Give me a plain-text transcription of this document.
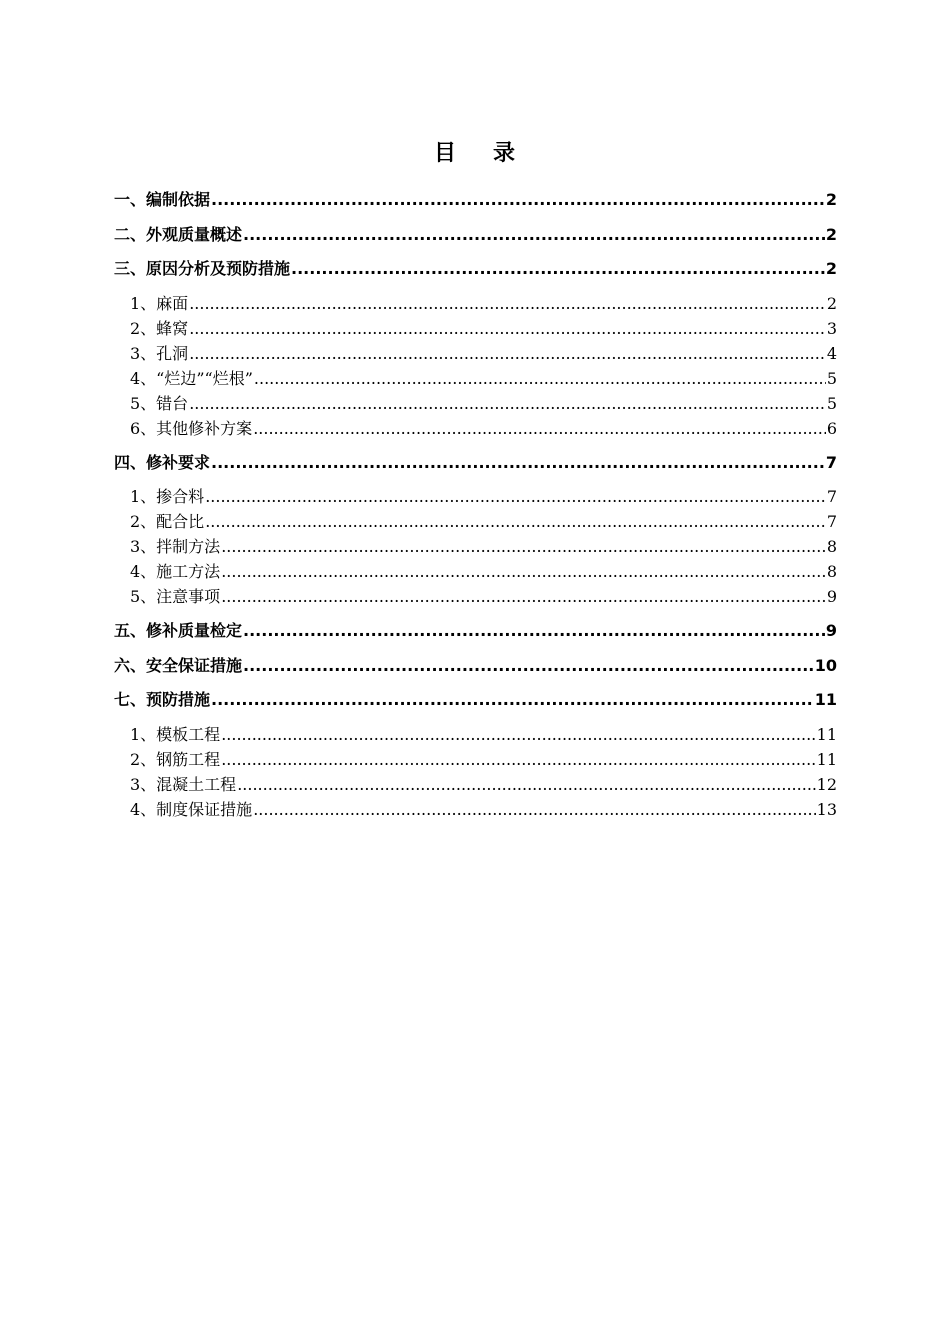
目 录
一、编制依据 .....	2
二、外观质量概述 .....	2
三、原因分析及预防措施 .....	2
1、麻面 .....	2
2、蜂窝 .....	3
3、孔洞 .....	4
4、“烂边”“烂根” .....	5
5、错台 .....	5
6、其他修补方案 .....	6
四、修补要求 .....	7
1、掺合料 .....	7
2、配合比 .....	7
3、拌制方法 .....	8
4、施工方法 .....	8
5、注意事项 .....	9
五、修补质量检定 .....	9
六、安全保证措施 .....	10
七、预防措施 .....	11
1、模板工程 .....	11
2、钢筋工程 .....	11
3、混凝土工程 .....	12
4、制度保证措施 .....	13
